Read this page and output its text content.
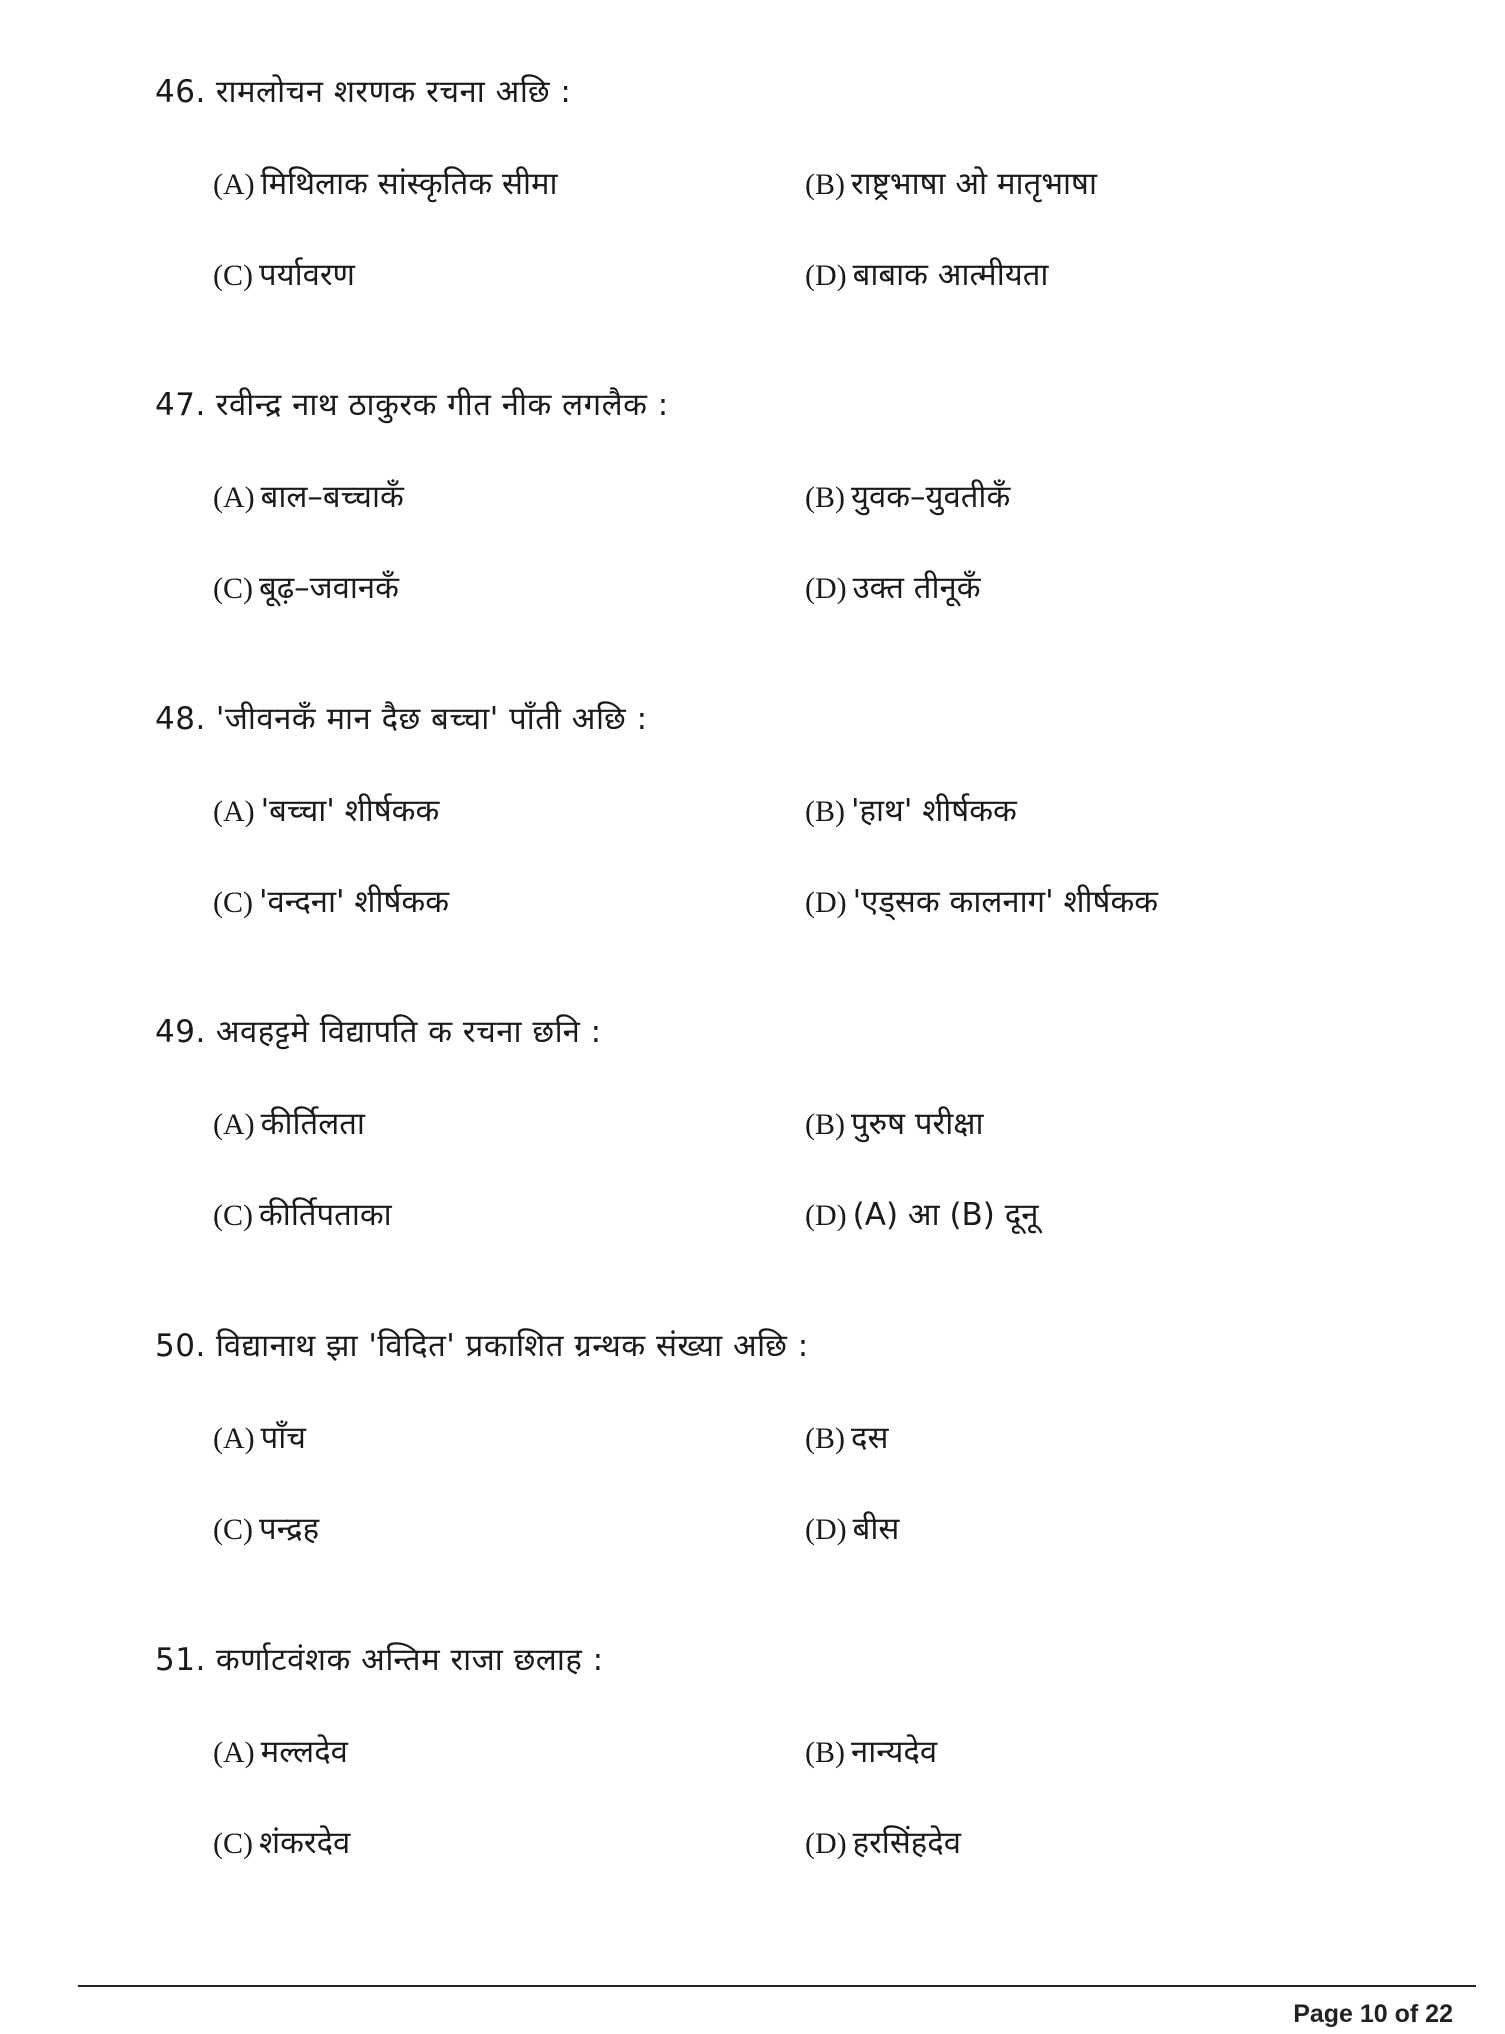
46. रामलोचन शरणक रचना अछि :
(A) मिथिलाक सांस्कृतिक सीमा	(B) राष्ट्रभाषा ओ मातृभाषा
(C) पर्यावरण	(D) बाबाक आत्मीयता
47. रवीन्द्र नाथ ठाकुरक गीत नीक लगलैक :
(A) बाल–बच्चाकँ	(B) युवक–युवतीकँ
(C) बूढ़–जवानकँ	(D) उक्त तीनूकँ
48. 'जीवनकँ मान दैछ बच्चा' पाँती अछि :
(A) 'बच्चा' शीर्षकक	(B) 'हाथ' शीर्षकक
(C) 'वन्दना' शीर्षकक	(D) 'एड्सक कालनाग' शीर्षकक
49. अवहट्टमे विद्यापति क रचना छनि :
(A) कीर्तिलता	(B) पुरुष परीक्षा
(C) कीर्तिपताका	(D) (A) आ (B) दूनू
50. विद्यानाथ झा 'विदित' प्रकाशित ग्रन्थक संख्या अछि :
(A) पाँच	(B) दस
(C) पन्द्रह	(D) बीस
51. कर्णाटवंशक अन्तिम राजा छलाह :
(A) मल्लदेव	(B) नान्यदेव
(C) शंकरदेव	(D) हरसिंहदेव
Page 10 of 22
